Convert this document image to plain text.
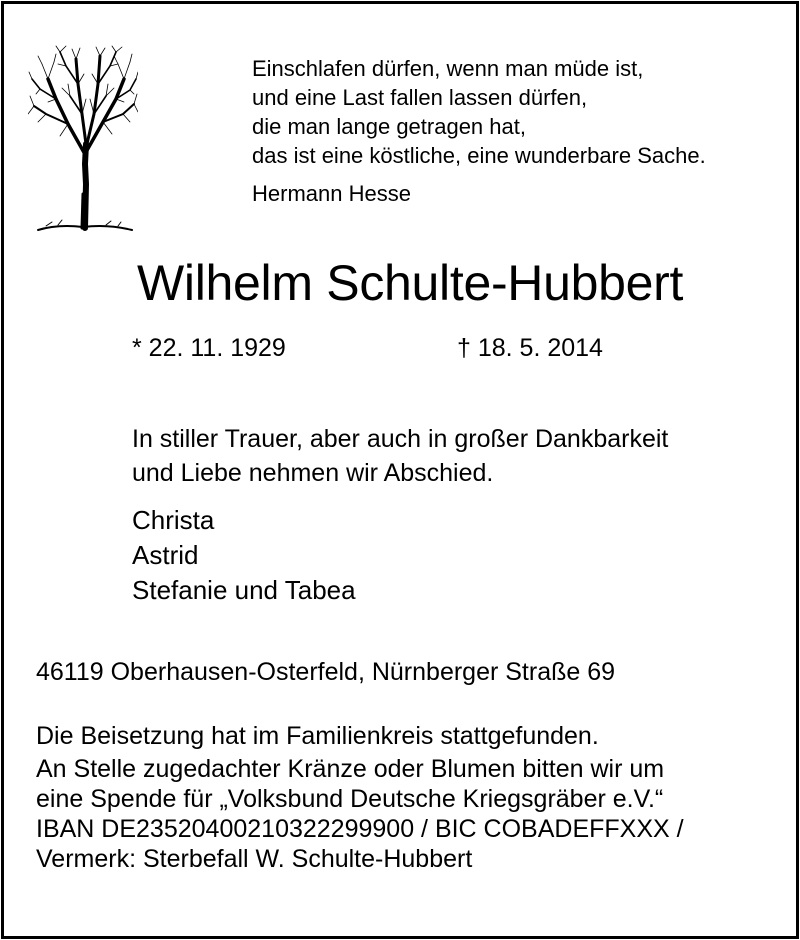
Einschlafen dürfen, wenn man müde ist,
und eine Last fallen lassen dürfen,
die man lange getragen hat,
das ist eine köstliche, eine wunderbare Sache.
Hermann Hesse
Wilhelm Schulte-Hubbert
* 22. 11. 1929	† 18. 5. 2014
In stiller Trauer, aber auch in großer Dankbarkeit
und Liebe nehmen wir Abschied.
Christa
Astrid
Stefanie und Tabea
46119 Oberhausen-Osterfeld, Nürnberger Straße 69
Die Beisetzung hat im Familienkreis stattgefunden.
An Stelle zugedachter Kränze oder Blumen bitten wir um
eine Spende für „Volksbund Deutsche Kriegsgräber e.V.“
IBAN DE23520400210322299900 / BIC COBADEFFXXX /
Vermerk: Sterbefall W. Schulte-Hubbert
